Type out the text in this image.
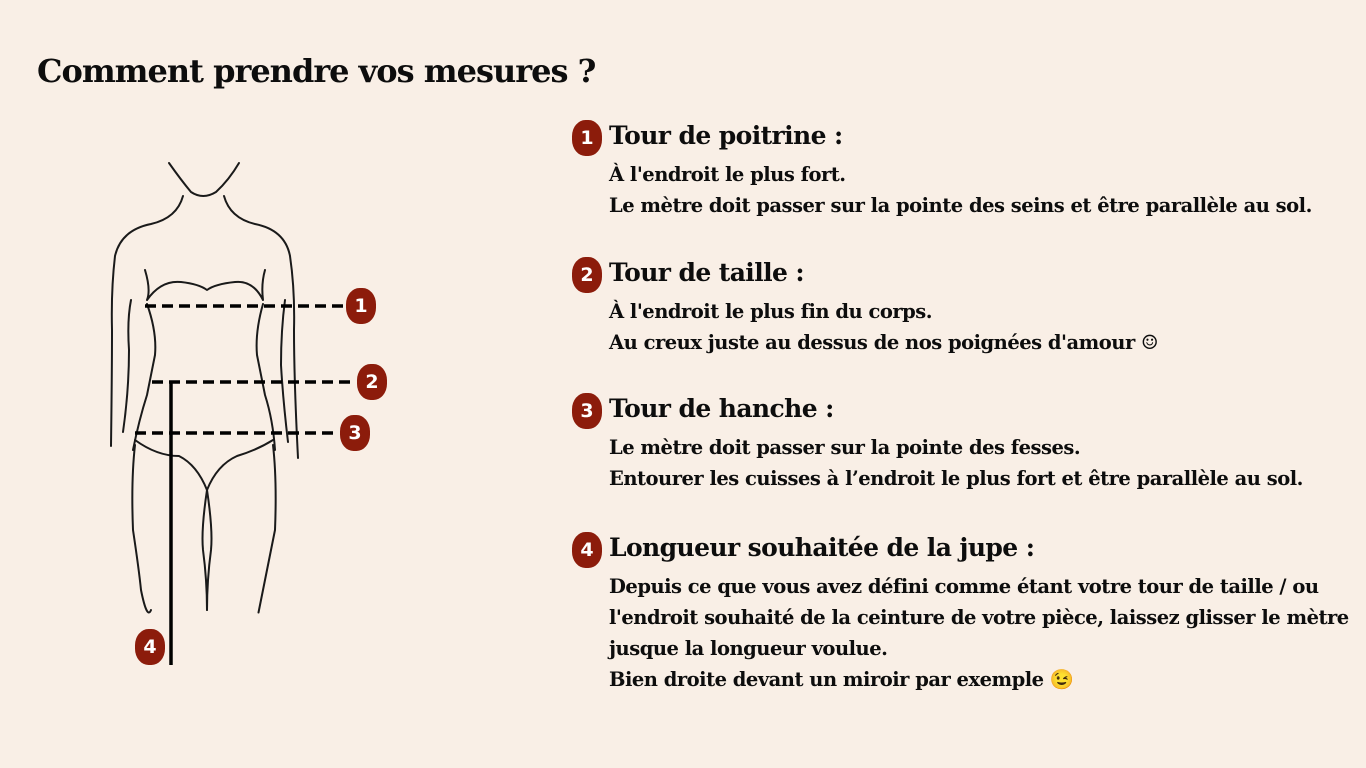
Comment prendre vos mesures ?
1
2
3
4
1 Tour de poitrine :
À l'endroit le plus fort.
Le mètre doit passer sur la pointe des seins et être parallèle au sol.
2 Tour de taille :
À l'endroit le plus fin du corps.
Au creux juste au dessus de nos poignées d'amour ☺
3 Tour de hanche :
Le mètre doit passer sur la pointe des fesses.
Entourer les cuisses à l’endroit le plus fort et être parallèle au sol.
4 Longueur souhaitée de la jupe :
Depuis ce que vous avez défini comme étant votre tour de taille / ou
l'endroit souhaité de la ceinture de votre pièce, laissez glisser le mètre
jusque la longueur voulue.
Bien droite devant un miroir par exemple 😉
